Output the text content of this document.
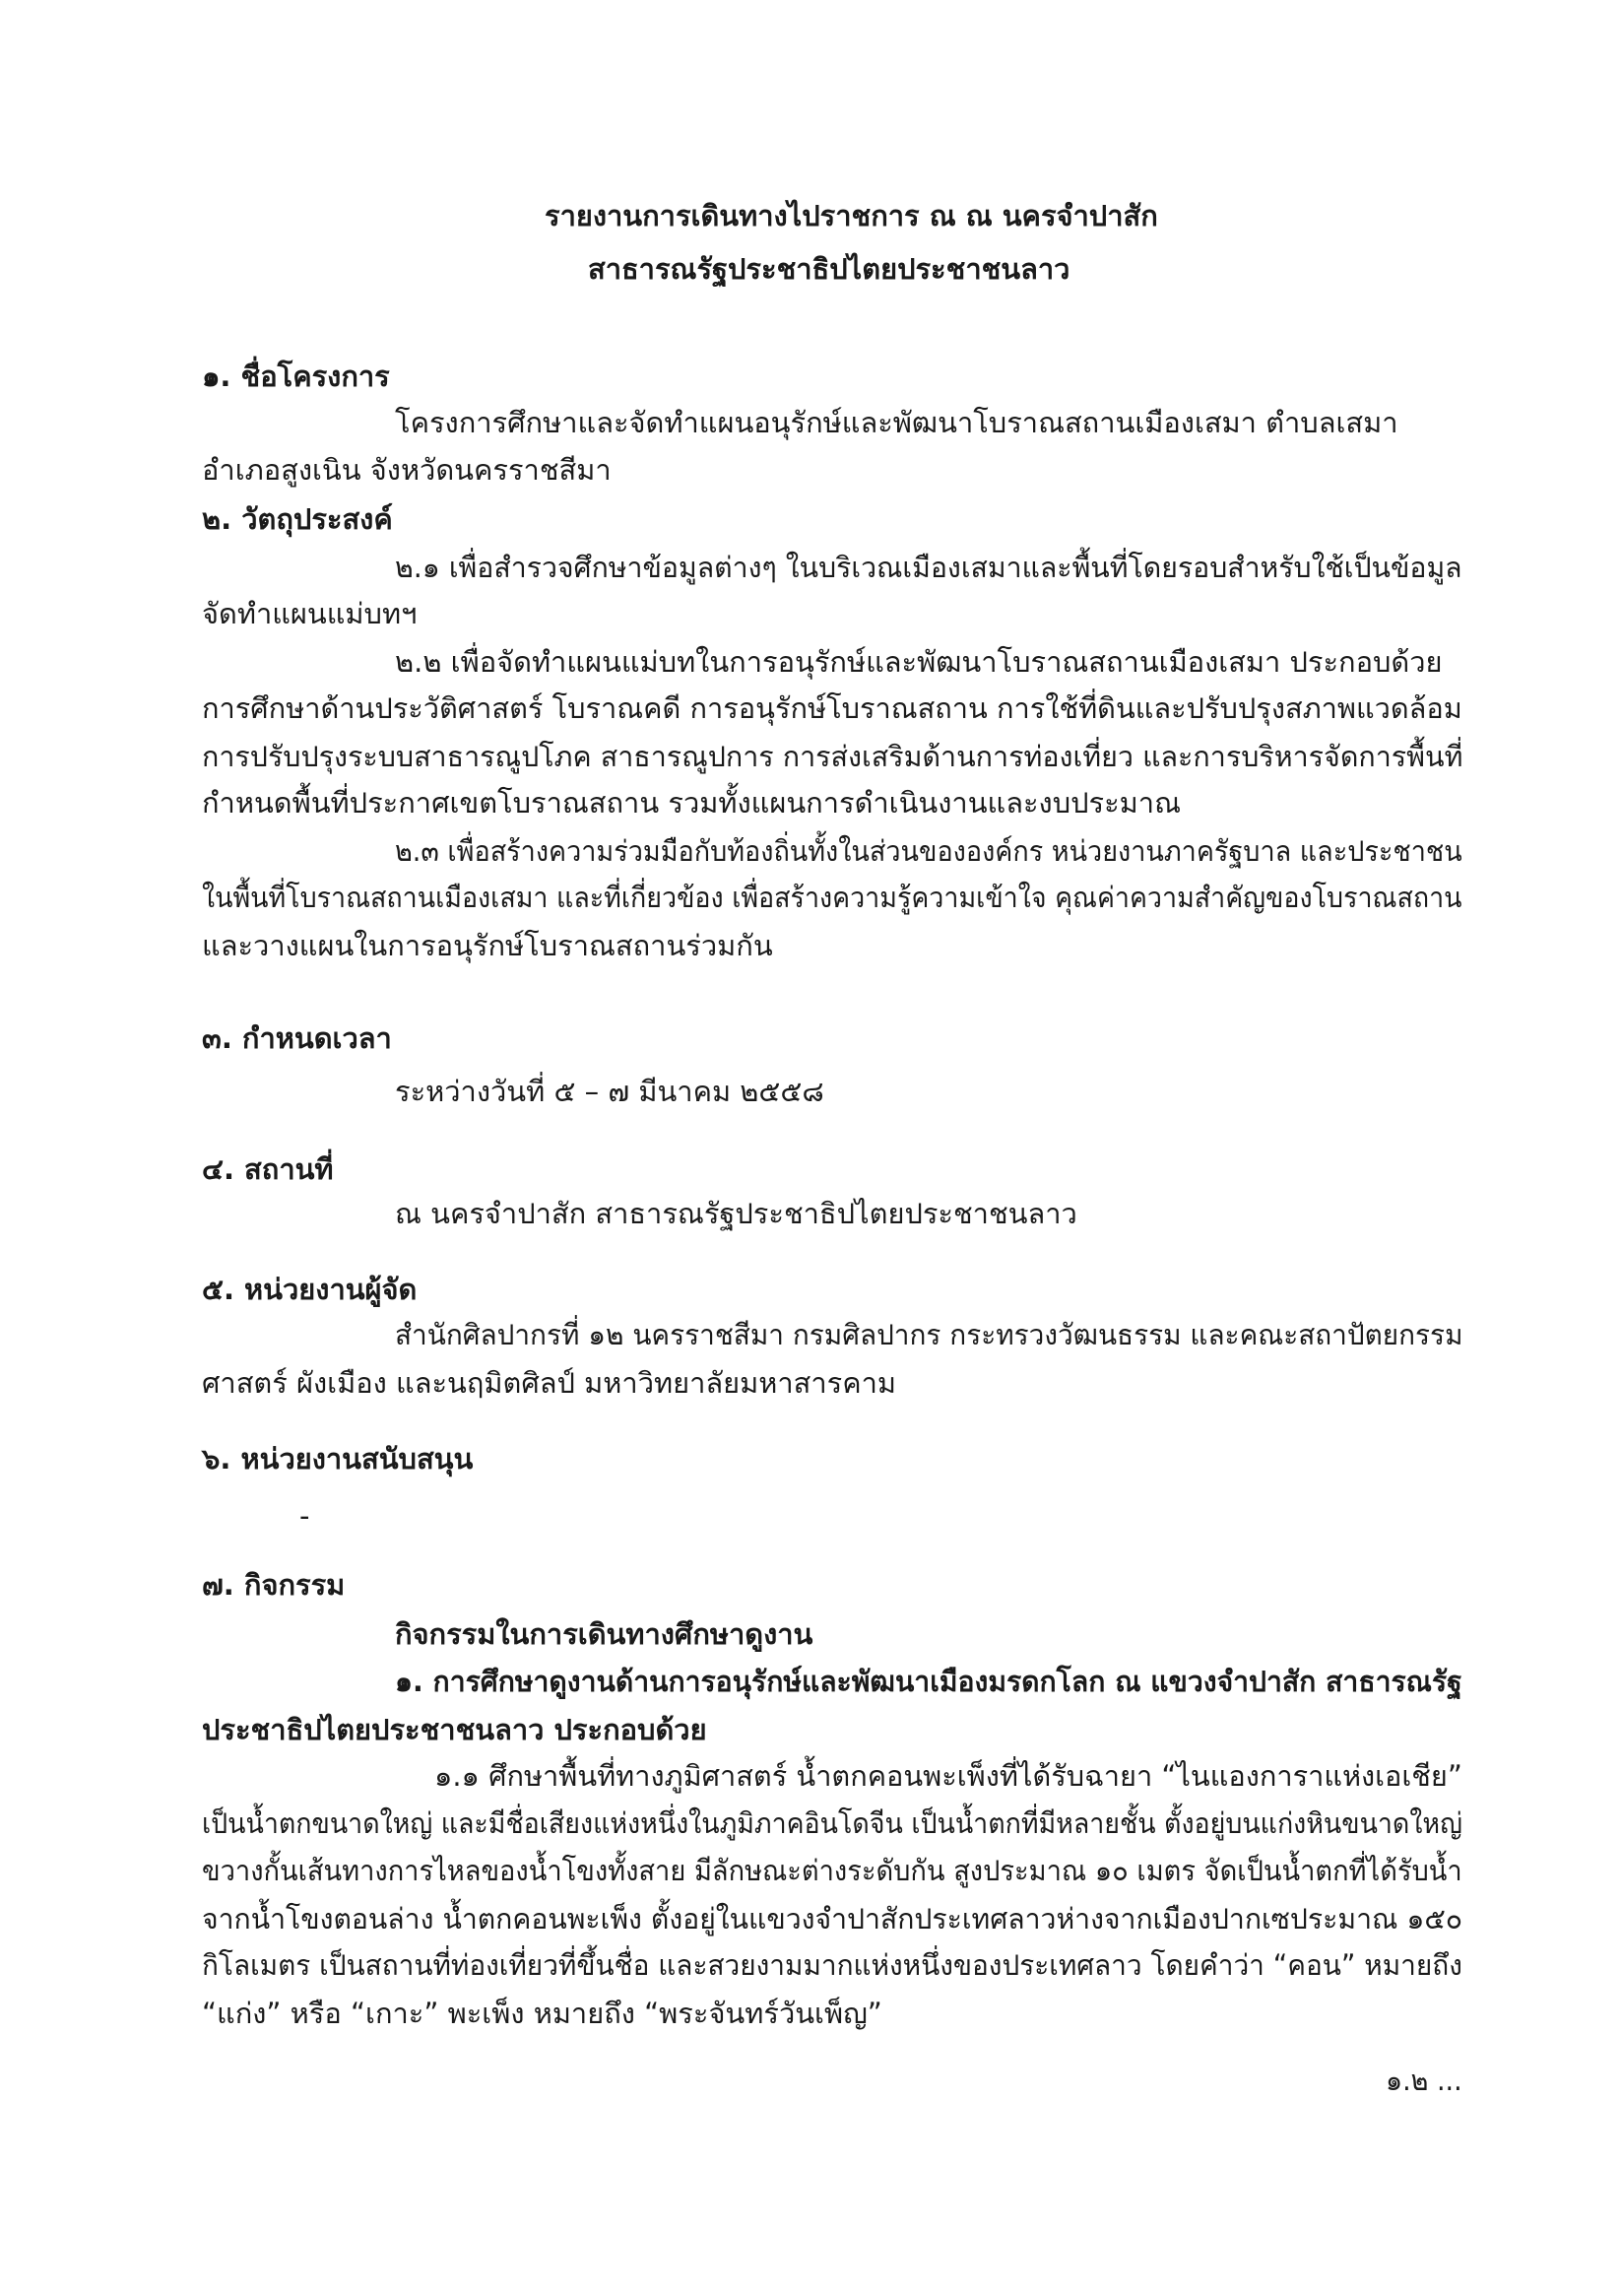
รายงานการเดินทางไปราชการ ณ ณ นครจำปาสัก
สาธารณรัฐประชาธิปไตยประชาชนลาว
๑. ชื่อโครงการ
โครงการศึกษาและจัดทำแผนอนุรักษ์และพัฒนาโบราณสถานเมืองเสมา ตำบลเสมา
อำเภอสูงเนิน จังหวัดนครราชสีมา
๒. วัตถุประสงค์
๒.๑ เพื่อสำรวจศึกษาข้อมูลต่างๆ ในบริเวณเมืองเสมาและพื้นที่โดยรอบสำหรับใช้เป็นข้อมูล
จัดทำแผนแม่บทฯ
๒.๒ เพื่อจัดทำแผนแม่บทในการอนุรักษ์และพัฒนาโบราณสถานเมืองเสมา ประกอบด้วย
การศึกษาด้านประวัติศาสตร์ โบราณคดี การอนุรักษ์โบราณสถาน การใช้ที่ดินและปรับปรุงสภาพแวดล้อม
การปรับปรุงระบบสาธารณูปโภค สาธารณูปการ การส่งเสริมด้านการท่องเที่ยว และการบริหารจัดการพื้นที่
กำหนดพื้นที่ประกาศเขตโบราณสถาน รวมทั้งแผนการดำเนินงานและงบประมาณ
๒.๓ เพื่อสร้างความร่วมมือกับท้องถิ่นทั้งในส่วนขององค์กร หน่วยงานภาครัฐบาล และประชาชน
ในพื้นที่โบราณสถานเมืองเสมา และที่เกี่ยวข้อง เพื่อสร้างความรู้ความเข้าใจ คุณค่าความสำคัญของโบราณสถาน
และวางแผนในการอนุรักษ์โบราณสถานร่วมกัน
๓. กำหนดเวลา
ระหว่างวันที่ ๕ – ๗ มีนาคม ๒๕๕๘
๔. สถานที่
ณ นครจำปาสัก สาธารณรัฐประชาธิปไตยประชาชนลาว
๕. หน่วยงานผู้จัด
สำนักศิลปากรที่ ๑๒ นครราชสีมา กรมศิลปากร กระทรวงวัฒนธรรม และคณะสถาปัตยกรรม
ศาสตร์ ผังเมือง และนฤมิตศิลป์ มหาวิทยาลัยมหาสารคาม
๖. หน่วยงานสนับสนุน
-
๗. กิจกรรม
กิจกรรมในการเดินทางศึกษาดูงาน
๑. การศึกษาดูงานด้านการอนุรักษ์และพัฒนาเมืองมรดกโลก ณ แขวงจำปาสัก สาธารณรัฐ
ประชาธิปไตยประชาชนลาว ประกอบด้วย
๑.๑ ศึกษาพื้นที่ทางภูมิศาสตร์ น้ำตกคอนพะเพ็งที่ได้รับฉายา “ไนแองการาแห่งเอเชีย”
เป็นน้ำตกขนาดใหญ่ และมีชื่อเสียงแห่งหนึ่งในภูมิภาคอินโดจีน เป็นน้ำตกที่มีหลายชั้น ตั้งอยู่บนแก่งหินขนาดใหญ่
ขวางกั้นเส้นทางการไหลของน้ำโขงทั้งสาย มีลักษณะต่างระดับกัน สูงประมาณ ๑๐ เมตร จัดเป็นน้ำตกที่ได้รับน้ำ
จากน้ำโขงตอนล่าง น้ำตกคอนพะเพ็ง ตั้งอยู่ในแขวงจำปาสักประเทศลาวห่างจากเมืองปากเซประมาณ ๑๕๐
กิโลเมตร เป็นสถานที่ท่องเที่ยวที่ขึ้นชื่อ และสวยงามมากแห่งหนึ่งของประเทศลาว โดยคำว่า “คอน” หมายถึง
“แก่ง” หรือ “เกาะ” พะเพ็ง หมายถึง “พระจันทร์วันเพ็ญ”
๑.๒ ...
